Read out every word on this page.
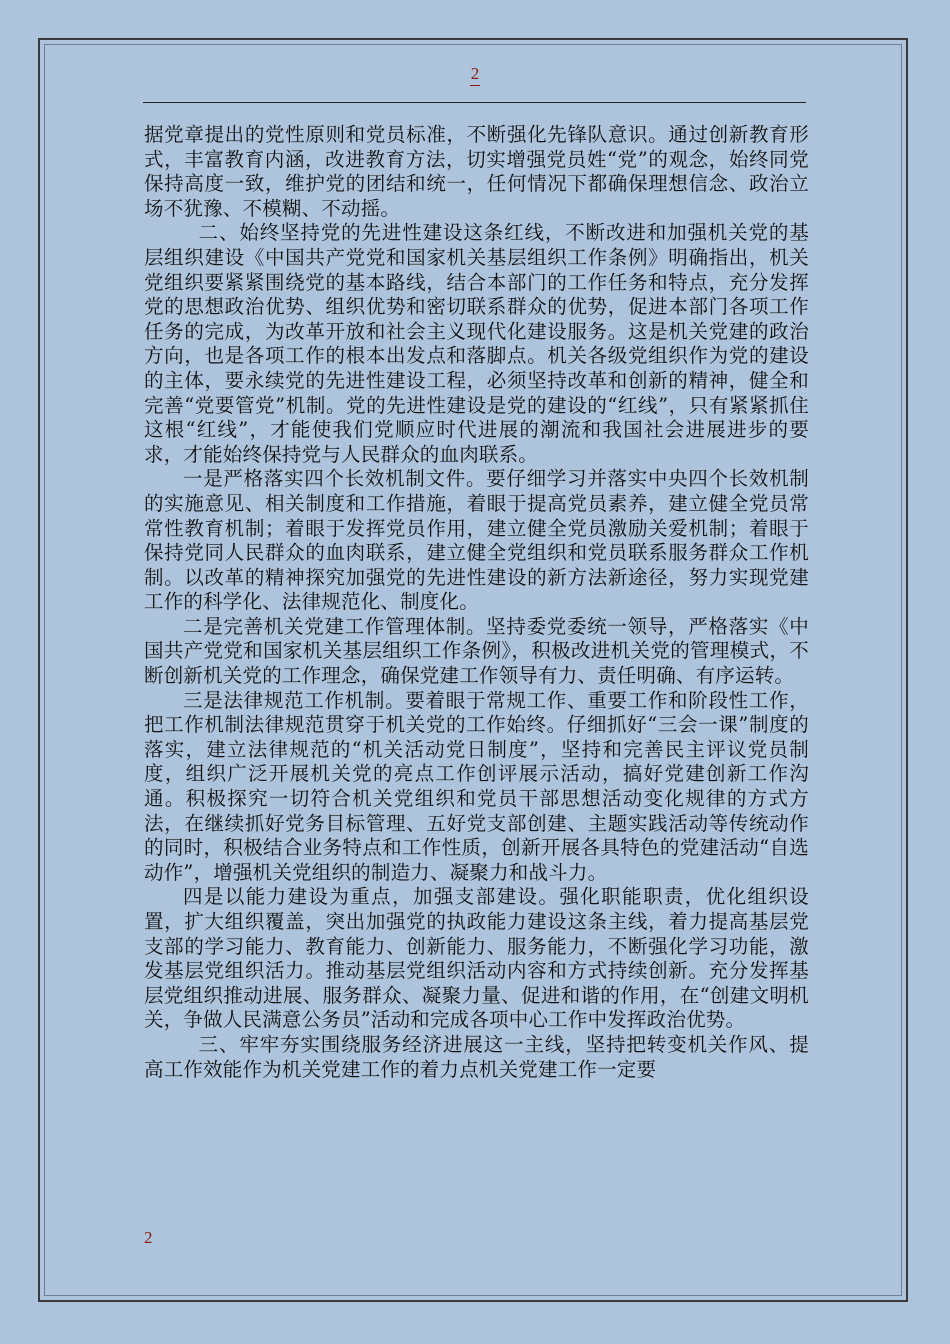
2

据党章提出的党性原则和党员标准，不断强化先锋队意识。通过创新教育形式，丰富教育内涵，改进教育方法，切实增强党员姓“党”的观念，始终同党保持高度一致，维护党的团结和统一，任何情况下都确保理想信念、政治立场不犹豫、不模糊、不动摇。

二、始终坚持党的先进性建设这条红线，不断改进和加强机关党的基层组织建设《中国共产党党和国家机关基层组织工作条例》明确指出，机关党组织要紧紧围绕党的基本路线，结合本部门的工作任务和特点，充分发挥党的思想政治优势、组织优势和密切联系群众的优势，促进本部门各项工作任务的完成，为改革开放和社会主义现代化建设服务。这是机关党建的政治方向，也是各项工作的根本出发点和落脚点。机关各级党组织作为党的建设的主体，要永续党的先进性建设工程，必须坚持改革和创新的精神，健全和完善“党要管党”机制。党的先进性建设是党的建设的“红线”，只有紧紧抓住这根“红线”，才能使我们党顺应时代进展的潮流和我国社会进展进步的要求，才能始终保持党与人民群众的血肉联系。

一是严格落实四个长效机制文件。要仔细学习并落实中央四个长效机制的实施意见、相关制度和工作措施，着眼于提高党员素养，建立健全党员常常性教育机制；着眼于发挥党员作用，建立健全党员激励关爱机制；着眼于保持党同人民群众的血肉联系，建立健全党组织和党员联系服务群众工作机制。以改革的精神探究加强党的先进性建设的新方法新途径，努力实现党建工作的科学化、法律规范化、制度化。

二是完善机关党建工作管理体制。坚持委党委统一领导，严格落实《中国共产党党和国家机关基层组织工作条例》，积极改进机关党的管理模式，不断创新机关党的工作理念，确保党建工作领导有力、责任明确、有序运转。

三是法律规范工作机制。要着眼于常规工作、重要工作和阶段性工作，把工作机制法律规范贯穿于机关党的工作始终。仔细抓好“三会一课”制度的落实，建立法律规范的“机关活动党日制度”，坚持和完善民主评议党员制度，组织广泛开展机关党的亮点工作创评展示活动，搞好党建创新工作沟通。积极探究一切符合机关党组织和党员干部思想活动变化规律的方式方法，在继续抓好党务目标管理、五好党支部创建、主题实践活动等传统动作的同时，积极结合业务特点和工作性质，创新开展各具特色的党建活动“自选动作”，增强机关党组织的制造力、凝聚力和战斗力。

四是以能力建设为重点，加强支部建设。强化职能职责，优化组织设置，扩大组织覆盖，突出加强党的执政能力建设这条主线，着力提高基层党支部的学习能力、教育能力、创新能力、服务能力，不断强化学习功能，激发基层党组织活力。推动基层党组织活动内容和方式持续创新。充分发挥基层党组织推动进展、服务群众、凝聚力量、促进和谐的作用，在“创建文明机关，争做人民满意公务员”活动和完成各项中心工作中发挥政治优势。

三、牢牢夯实围绕服务经济进展这一主线，坚持把转变机关作风、提高工作效能作为机关党建工作的着力点机关党建工作一定要

2
